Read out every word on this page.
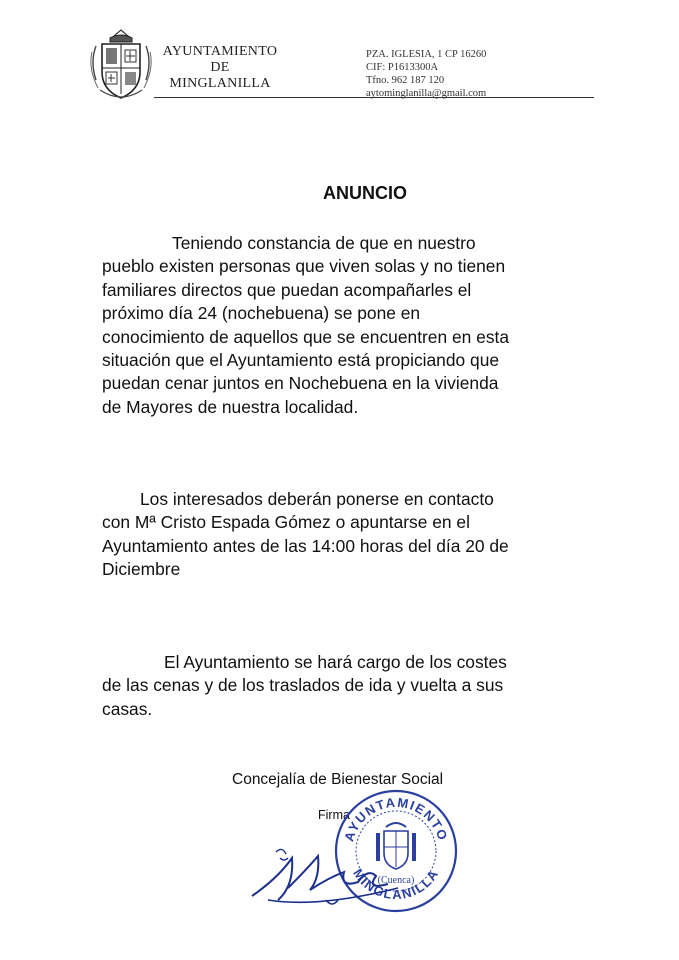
AYUNTAMIENTO
DE
MINGLANILLA
PZA. IGLESIA, 1 CP 16260
CIF: P1613300A
Tfno. 962 187 120
aytominglanilla@gmail.com
ANUNCIO
Teniendo constancia de que en nuestro
pueblo existen personas que viven solas y no tienen
familiares directos que puedan acompañarles el
próximo día 24 (nochebuena) se pone en
conocimiento de aquellos que se encuentren en esta
situación que el Ayuntamiento está propiciando que
puedan cenar juntos en Nochebuena en la vivienda
de Mayores de nuestra localidad.
Los interesados deberán ponerse en contacto
con Mª Cristo Espada Gómez o apuntarse en el
Ayuntamiento antes de las 14:00 horas del día 20 de
Diciembre
El Ayuntamiento se hará cargo de los costes
de las cenas y de los traslados de ida y vuelta a sus
casas.
Concejalía de Bienestar Social
Firma
AYUNTAMIENTO
MINGLANILLA
(Cuenca)
